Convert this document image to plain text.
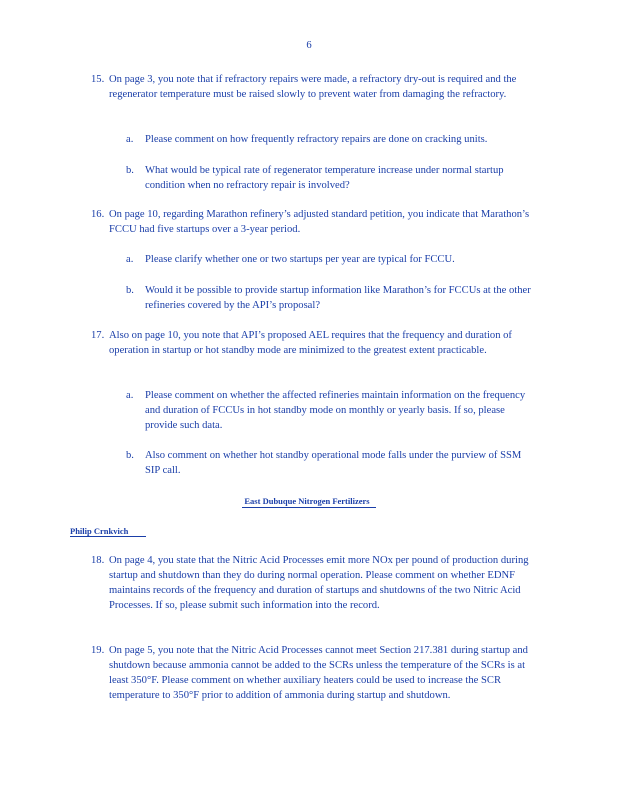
6
15. On page 3, you note that if refractory repairs were made, a refractory dry-out is required and the regenerator temperature must be raised slowly to prevent water from damaging the refractory.
a. Please comment on how frequently refractory repairs are done on cracking units.
b. What would be typical rate of regenerator temperature increase under normal startup condition when no refractory repair is involved?
16. On page 10, regarding Marathon refinery’s adjusted standard petition, you indicate that Marathon’s FCCU had five startups over a 3-year period.
a. Please clarify whether one or two startups per year are typical for FCCU.
b. Would it be possible to provide startup information like Marathon’s for FCCUs at the other refineries covered by the API’s proposal?
17. Also on page 10, you note that API’s proposed AEL requires that the frequency and duration of operation in startup or hot standby mode are minimized to the greatest extent practicable.
a. Please comment on whether the affected refineries maintain information on the frequency and duration of FCCUs in hot standby mode on monthly or yearly basis. If so, please provide such data.
b. Also comment on whether hot standby operational mode falls under the purview of SSM SIP call.
East Dubuque Nitrogen Fertilizers
Philip Crnkvich
18. On page 4, you state that the Nitric Acid Processes emit more NOx per pound of production during startup and shutdown than they do during normal operation. Please comment on whether EDNF maintains records of the frequency and duration of startups and shutdowns of the two Nitric Acid Processes. If so, please submit such information into the record.
19. On page 5, you note that the Nitric Acid Processes cannot meet Section 217.381 during startup and shutdown because ammonia cannot be added to the SCRs unless the temperature of the SCRs is at least 350°F. Please comment on whether auxiliary heaters could be used to increase the SCR temperature to 350°F prior to addition of ammonia during startup and shutdown.
